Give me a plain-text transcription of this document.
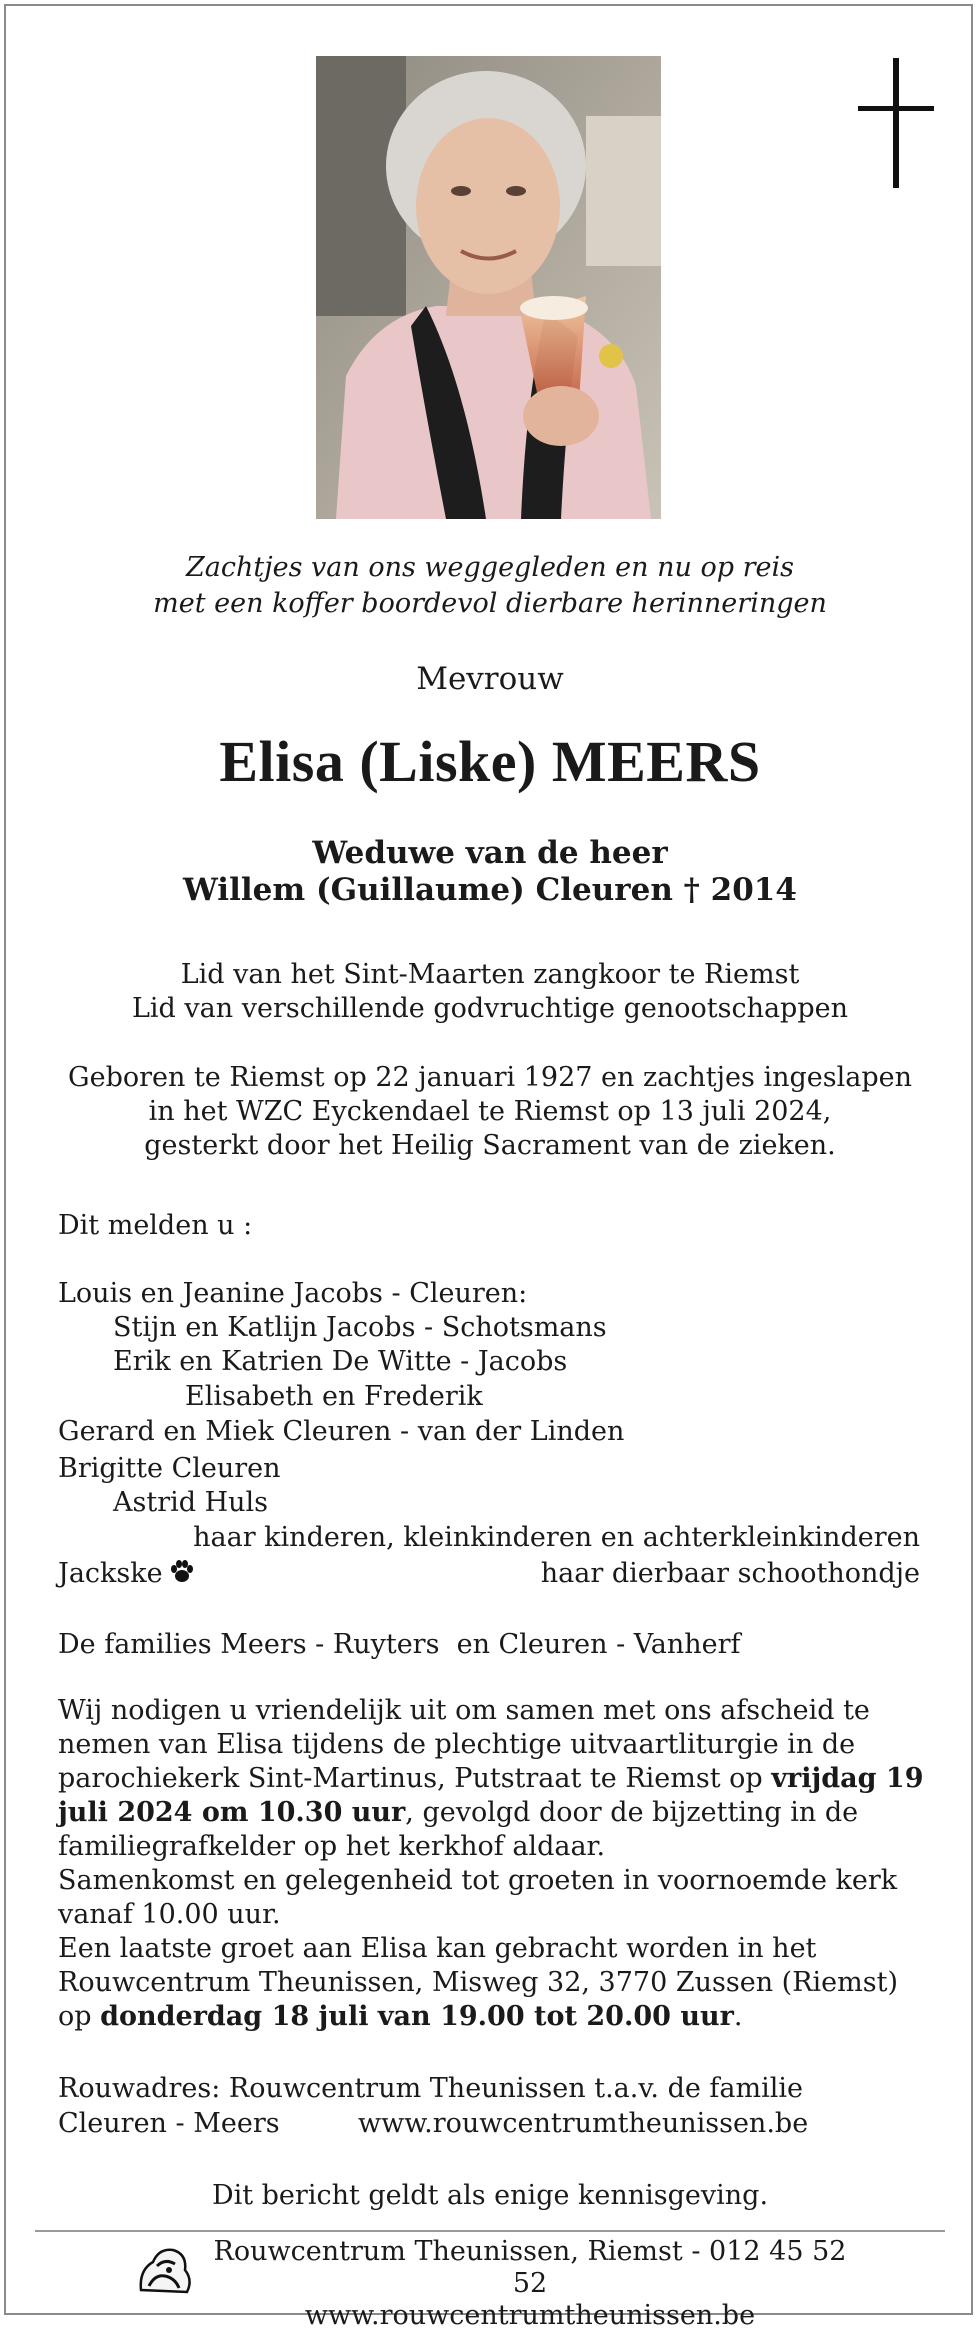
Zachtjes van ons weggegleden en nu op reis
met een koffer boordevol dierbare herinneringen
Mevrouw
Elisa (Liske) MEERS
Weduwe van de heer
Willem (Guillaume) Cleuren † 2014
Lid van het Sint-Maarten zangkoor te Riemst
Lid van verschillende godvruchtige genootschappen
Geboren te Riemst op 22 januari 1927 en zachtjes ingeslapen
in het WZC Eyckendael te Riemst op 13 juli 2024,
gesterkt door het Heilig Sacrament van de zieken.
Dit melden u :
Louis en Jeanine Jacobs - Cleuren:
Stijn en Katlijn Jacobs - Schotsmans
Erik en Katrien De Witte - Jacobs
Elisabeth en Frederik
Gerard en Miek Cleuren - van der Linden
Brigitte Cleuren
Astrid Huls
haar kinderen, kleinkinderen en achterkleinkinderen
Jackske	haar dierbaar schoothondje
De families Meers - Ruyters  en Cleuren - Vanherf
Wij nodigen u vriendelijk uit om samen met ons afscheid te nemen van Elisa tijdens de plechtige uitvaartliturgie in de parochiekerk Sint-Martinus, Putstraat te Riemst op vrijdag 19 juli 2024 om 10.30 uur, gevolgd door de bijzetting in de familiegrafkelder op het kerkhof aldaar.
Samenkomst en gelegenheid tot groeten in voornoemde kerk vanaf 10.00 uur.
Een laatste groet aan Elisa kan gebracht worden in het Rouwcentrum Theunissen, Misweg 32, 3770 Zussen (Riemst) op donderdag 18 juli van 19.00 tot 20.00 uur.
Rouwadres: Rouwcentrum Theunissen t.a.v. de familie
Cleuren - Meers	www.rouwcentrumtheunissen.be
Dit bericht geldt als enige kennisgeving.
Rouwcentrum Theunissen, Riemst - 012 45 52 52
www.rouwcentrumtheunissen.be
